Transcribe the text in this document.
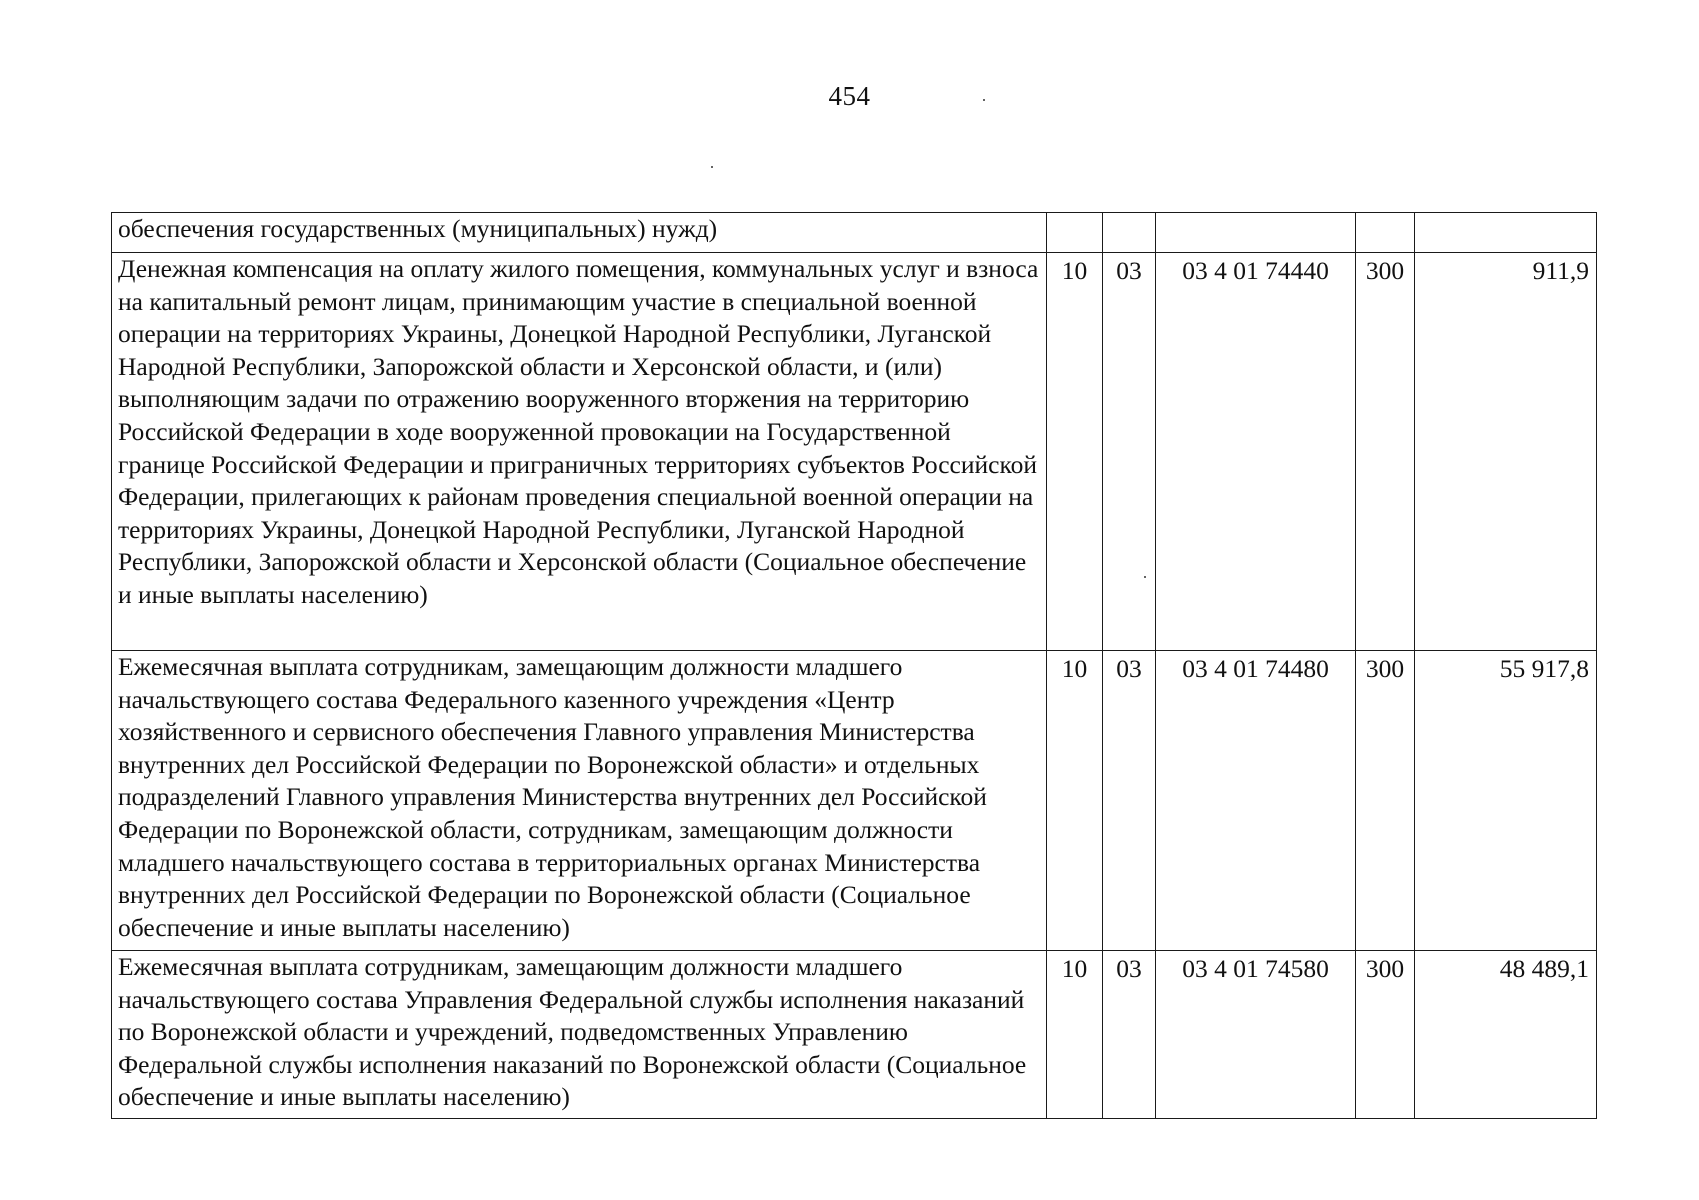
454
обеспечения государственных (муниципальных) нужд)					
Денежная компенсация на оплату жилого помещения, коммунальных услуг и взноса на капитальный ремонт лицам, принимающим участие в специальной военной операции на территориях Украины, Донецкой Народной Республики, Луганской Народной Республики, Запорожской области и Херсонской области, и (или) выполняющим задачи по отражению вооруженного вторжения на территорию Российской Федерации в ходе вооруженной провокации на Государственной границе Российской Федерации и приграничных территориях субъектов Российской Федерации, прилегающих к районам проведения специальной военной операции на территориях Украины, Донецкой Народной Республики, Луганской Народной Республики, Запорожской области и Херсонской области (Социальное обеспечение и иные выплаты населению)	10	03	03 4 01 74440	300	911,9
Ежемесячная выплата сотрудникам, замещающим должности младшего начальствующего состава Федерального казенного учреждения «Центр хозяйственного и сервисного обеспечения Главного управления Министерства внутренних дел Российской Федерации по Воронежской области» и отдельных подразделений Главного управления Министерства внутренних дел Российской Федерации по Воронежской области, сотрудникам, замещающим должности младшего начальствующего состава в территориальных органах Министерства внутренних дел Российской Федерации по Воронежской области (Социальное обеспечение и иные выплаты населению)	10	03	03 4 01 74480	300	55 917,8
Ежемесячная выплата сотрудникам, замещающим должности младшего начальствующего состава Управления Федеральной службы исполнения наказаний по Воронежской области и учреждений, подведомственных Управлению Федеральной службы исполнения наказаний по Воронежской области (Социальное обеспечение и иные выплаты населению)	10	03	03 4 01 74580	300	48 489,1
